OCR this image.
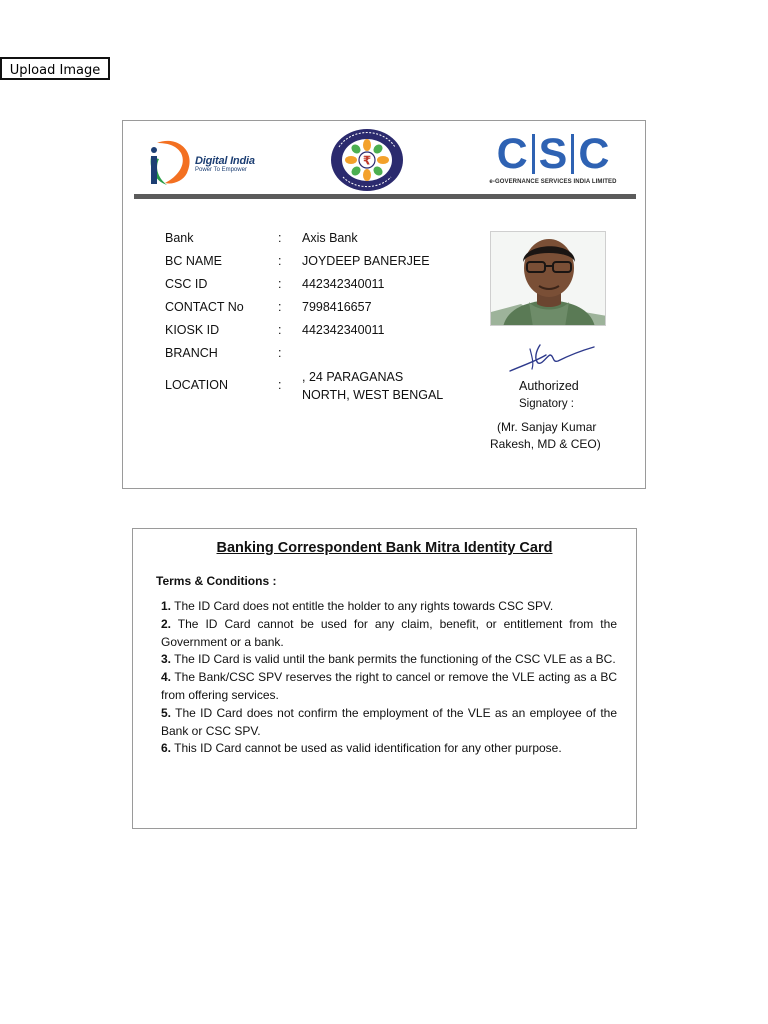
Upload Image
Digital India
Power To Empower
₹	C S C
e-GOVERNANCE SERVICES INDIA LIMITED
Bank	: Axis Bank
BC NAME	: JOYDEEP BANERJEE
CSC ID	: 442342340011
CONTACT No	: 7998416657
KIOSK ID	: 442342340011
BRANCH	:
LOCATION	:
, 24 PARAGANAS
NORTH, WEST BENGAL
Authorized
Signatory :
(Mr. Sanjay Kumar
Rakesh, MD & CEO)
Banking Correspondent Bank Mitra Identity Card
Terms & Conditions :

1. The ID Card does not entitle the holder to any rights towards CSC SPV.

2. The ID Card cannot be used for any claim, benefit, or entitlement from the Government or a bank.

3. The ID Card is valid until the bank permits the functioning of the CSC VLE as a BC.

4. The Bank/CSC SPV reserves the right to cancel or remove the VLE acting as a BC from offering services.

5. The ID Card does not confirm the employment of the VLE as an employee of the Bank or CSC SPV.

6. This ID Card cannot be used as valid identification for any other purpose.
